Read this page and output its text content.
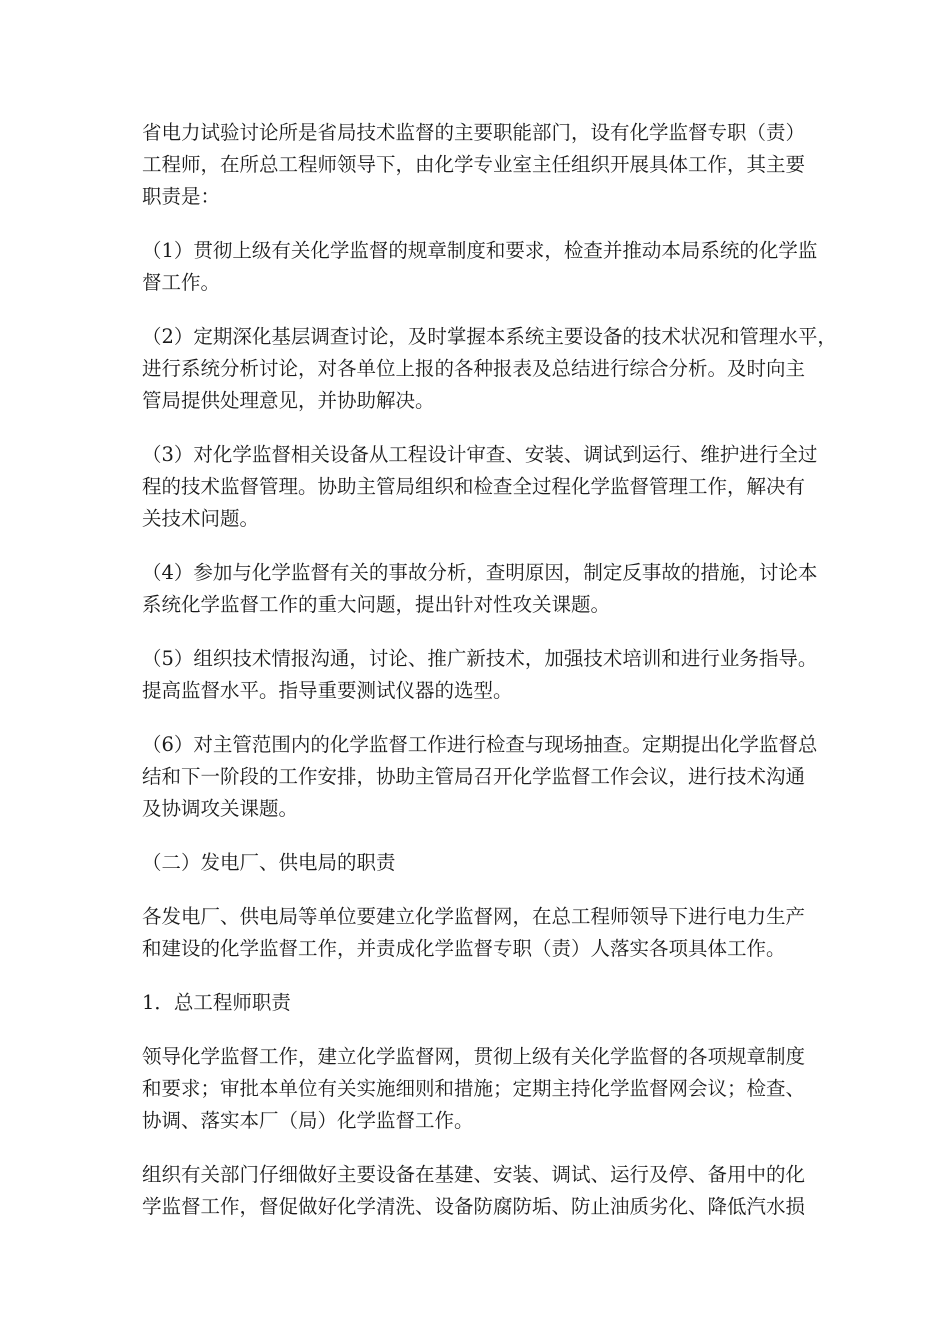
省电力试验讨论所是省局技术监督的主要职能部门，设有化学监督专职（责）
工程师，在所总工程师领导下，由化学专业室主任组织开展具体工作，其主要
职责是：

（1）贯彻上级有关化学监督的规章制度和要求，检查并推动本局系统的化学监
督工作。

（2）定期深化基层调查讨论，及时掌握本系统主要设备的技术状况和管理水平，
进行系统分析讨论，对各单位上报的各种报表及总结进行综合分析。及时向主
管局提供处理意见，并协助解决。

（3）对化学监督相关设备从工程设计审查、安装、调试到运行、维护进行全过
程的技术监督管理。协助主管局组织和检查全过程化学监督管理工作，解决有
关技术问题。

（4）参加与化学监督有关的事故分析，查明原因，制定反事故的措施，讨论本
系统化学监督工作的重大问题，提出针对性攻关课题。

（5）组织技术情报沟通，讨论、推广新技术，加强技术培训和进行业务指导。
提高监督水平。指导重要测试仪器的选型。

（6）对主管范围内的化学监督工作进行检查与现场抽查。定期提出化学监督总
结和下一阶段的工作安排，协助主管局召开化学监督工作会议，进行技术沟通
及协调攻关课题。

（二）发电厂、供电局的职责

各发电厂、供电局等单位要建立化学监督网，在总工程师领导下进行电力生产
和建设的化学监督工作，并责成化学监督专职（责）人落实各项具体工作。

1．总工程师职责

领导化学监督工作，建立化学监督网，贯彻上级有关化学监督的各项规章制度
和要求；审批本单位有关实施细则和措施；定期主持化学监督网会议；检查、
协调、落实本厂（局）化学监督工作。

组织有关部门仔细做好主要设备在基建、安装、调试、运行及停、备用中的化
学监督工作，督促做好化学清洗、设备防腐防垢、防止油质劣化、降低汽水损
